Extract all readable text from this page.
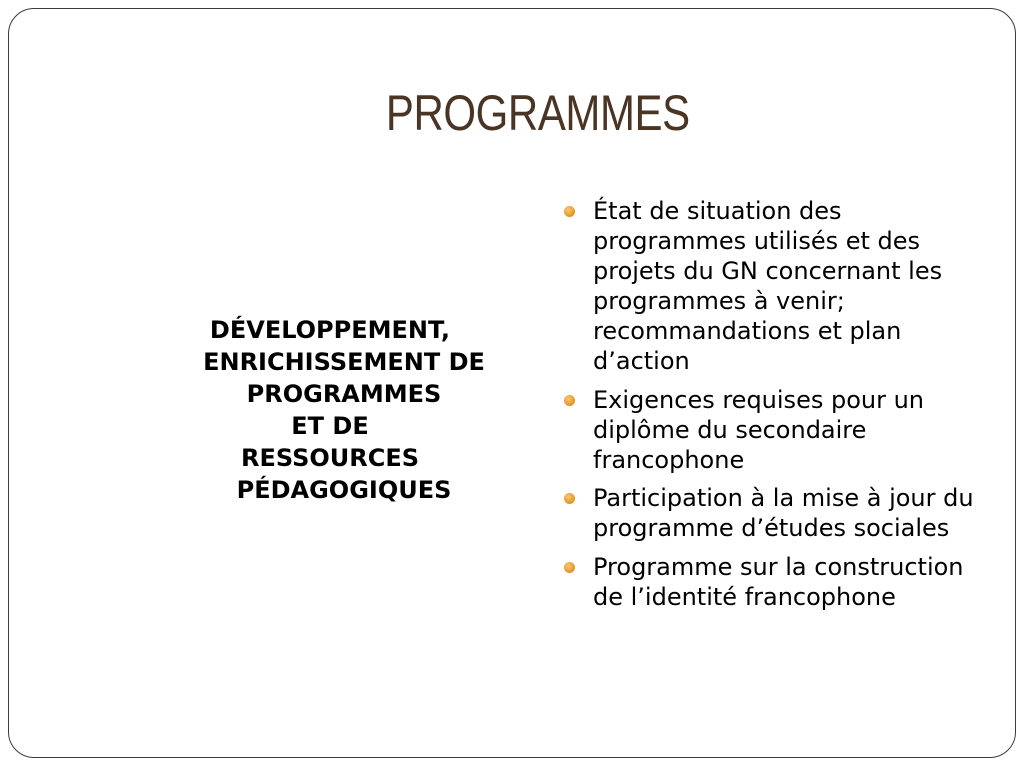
PROGRAMMES

DÉVELOPPEMENT, ENRICHISSEMENT DE PROGRAMMES

ET DE

RESSOURCES PÉDAGOGIQUES

État de situation des programmes utilisés et des projets du GN concernant les programmes à venir; recommandations et plan d’action
Exigences requises pour un diplôme du secondaire francophone
Participation à la mise à jour du programme d’études sociales
Programme sur la construction de l’identité francophone
